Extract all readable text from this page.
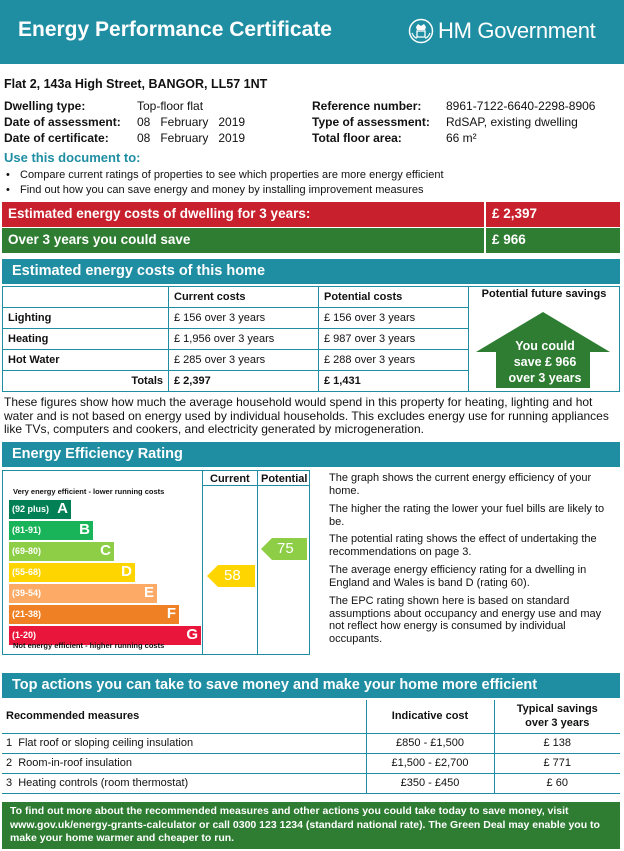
Energy Performance Certificate	HM Government
Flat 2, 143a High Street, BANGOR, LL57 1NT
Dwelling type:	Top-floor flat
Date of assessment: 08   February   2019
Date of certificate: 08   February   2019
Reference number: 8961-7122-6640-2298-8906
Type of assessment: RdSAP, existing dwelling
Total floor area:	66 m²
Use this document to:
• Compare current ratings of properties to see which properties are more energy efficient
• Find out how you can save energy and money by installing improvement measures
Estimated energy costs of dwelling for 3 years:	£ 2,397
Over 3 years you could save	£ 966
Estimated energy costs of this home
	Current costs	Potential costs	
Lighting	£ 156 over 3 years	£ 156 over 3 years	
Heating	£ 1,956 over 3 years	£ 987 over 3 years	
Hot Water	£ 285 over 3 years	£ 288 over 3 years	
Totals	£ 2,397	£ 1,431	
Potential future savings
You could
save £ 966
over 3 years
These figures show how much the average household would spend in this property for heating, lighting and hot water and is not based on energy used by individual households. This excludes energy use for running appliances like TVs, computers and cookers, and electricity generated by microgeneration.
Energy Efficiency Rating
Current Potential
Very energy efficient - lower running costs
(92 plus) A
(81-91)	B
(69-80)	C
(55-68)	D
(39-54)	E
(21-38)	F
(1-20)	G
Not energy efficient - higher running costs
58
75
The graph shows the current energy efficiency of your home.
The higher the rating the lower your fuel bills are likely to be.
The potential rating shows the effect of undertaking the recommendations on page 3.
The average energy efficiency rating for a dwelling in England and Wales is band D (rating 60).
The EPC rating shown here is based on standard assumptions about occupancy and energy use and may not reflect how energy is consumed by individual occupants.
Top actions you can take to save money and make your home more efficient
Recommended measures	Indicative cost	Typical savings
over 3 years

1  Flat roof or sloping ceiling insulation	£850 - £1,500	£ 138
2  Room-in-roof insulation	£1,500 - £2,700	£ 771
3  Heating controls (room thermostat)	£350 - £450	£ 60
To find out more about the recommended measures and other actions you could take today to save money, visit www.gov.uk/energy-grants-calculator or call 0300 123 1234 (standard national rate). The Green Deal may enable you to make your home warmer and cheaper to run.
